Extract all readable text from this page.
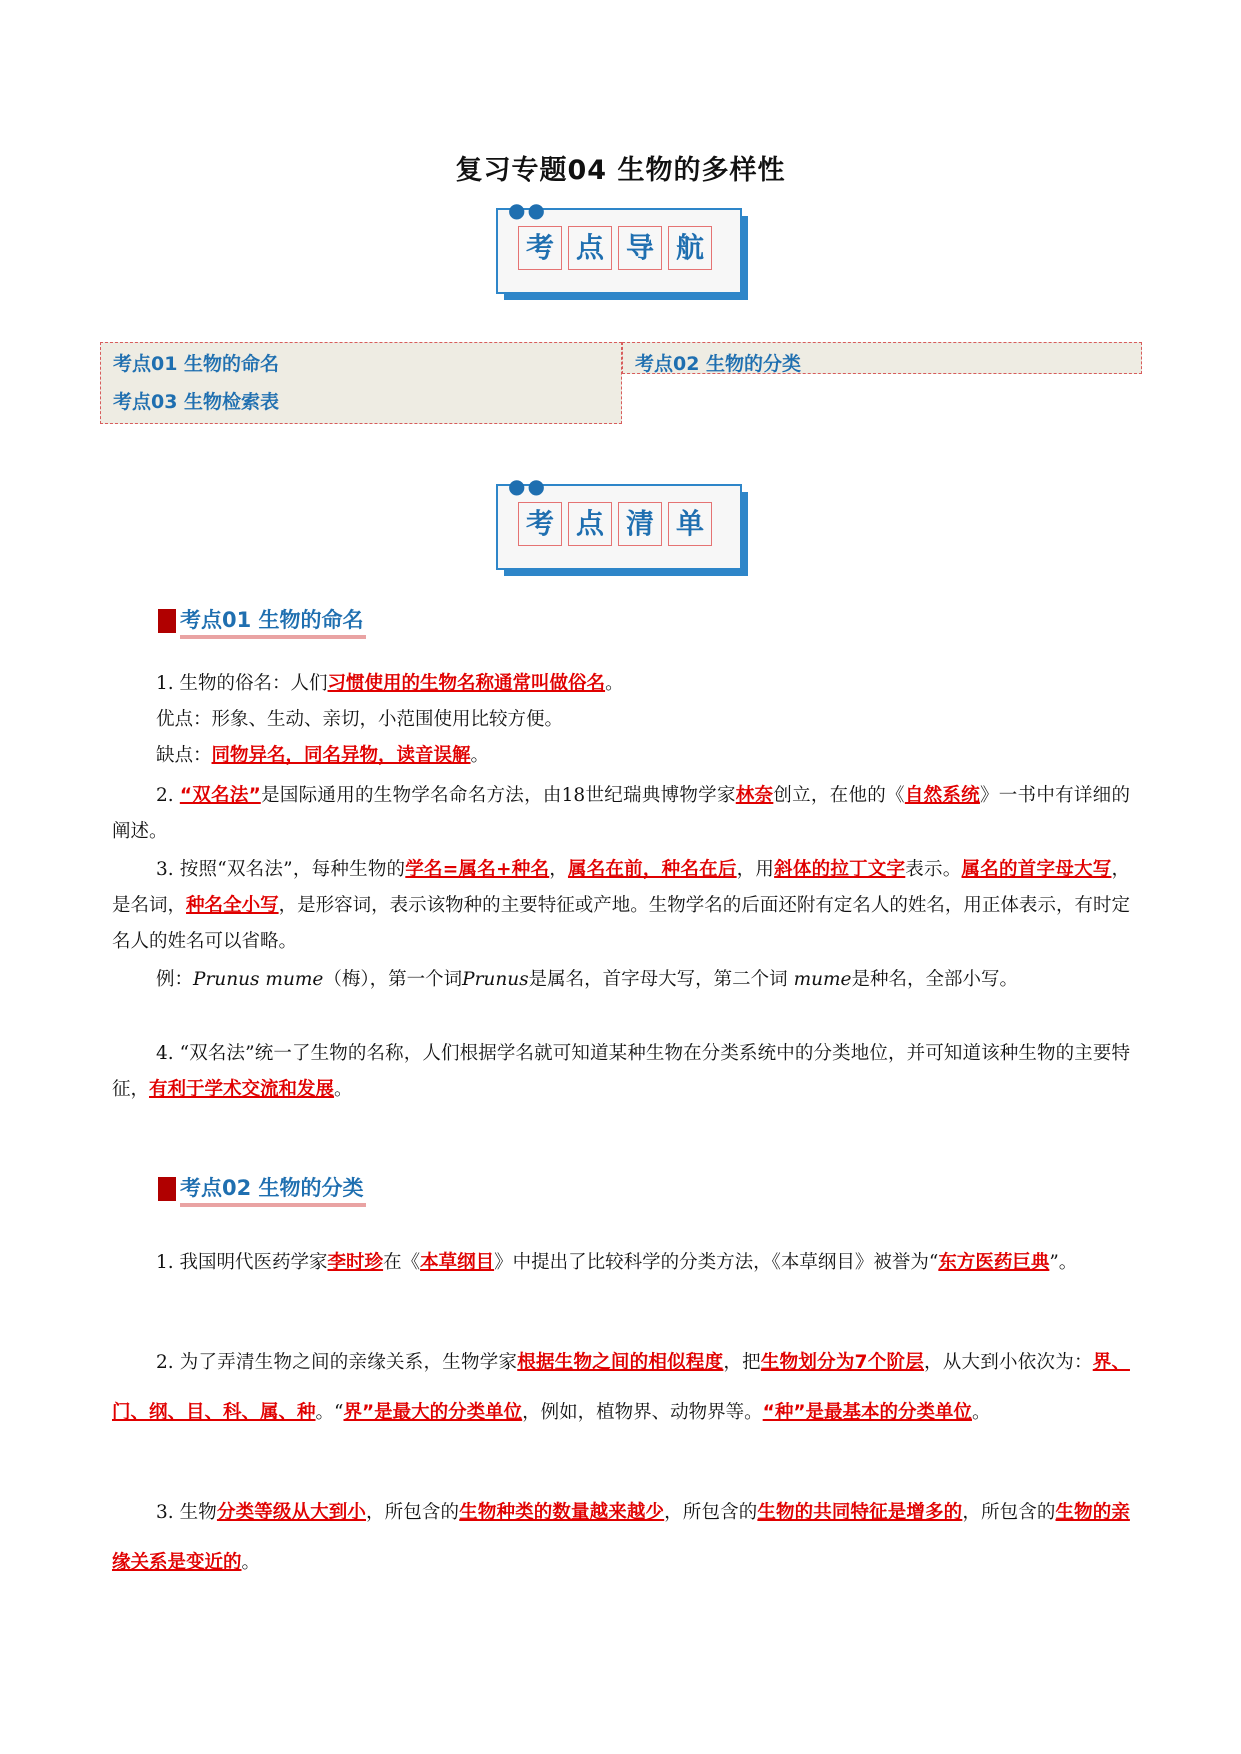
复习专题04 生物的多样性
●●
考 点 导 航
考点01 生物的命名
考点03 生物检索表
考点02 生物的分类
●●
考 点 清 单
考点01 生物的命名
1. 生物的俗名：人们习惯使用的生物名称通常叫做俗名。
优点：形象、生动、亲切，小范围使用比较方便。
缺点：同物异名，同名异物，读音误解。
2. “双名法”是国际通用的生物学名命名方法，由18世纪瑞典博物学家林奈创立，在他的《自然系统》一书中有详细的阐述。
3. 按照“双名法”，每种生物的学名=属名+种名，属名在前，种名在后，用斜体的拉丁文字表示。属名的首字母大写，是名词，种名全小写，是形容词，表示该物种的主要特征或产地。生物学名的后面还附有定名人的姓名，用正体表示，有时定名人的姓名可以省略。
例：Prunus mume（梅），第一个词Prunus是属名，首字母大写，第二个词 mume是种名，全部小写。
4. “双名法”统一了生物的名称，人们根据学名就可知道某种生物在分类系统中的分类地位，并可知道该种生物的主要特征，有利于学术交流和发展。
考点02 生物的分类
1. 我国明代医药学家李时珍在《本草纲目》中提出了比较科学的分类方法，《本草纲目》被誉为“东方医药巨典”。
2. 为了弄清生物之间的亲缘关系，生物学家根据生物之间的相似程度，把生物划分为7个阶层，从大到小依次为：界、门、纲、目、科、属、种。“界”是最大的分类单位，例如，植物界、动物界等。“种”是最基本的分类单位。
3. 生物分类等级从大到小，所包含的生物种类的数量越来越少，所包含的生物的共同特征是增多的，所包含的生物的亲缘关系是变近的。
